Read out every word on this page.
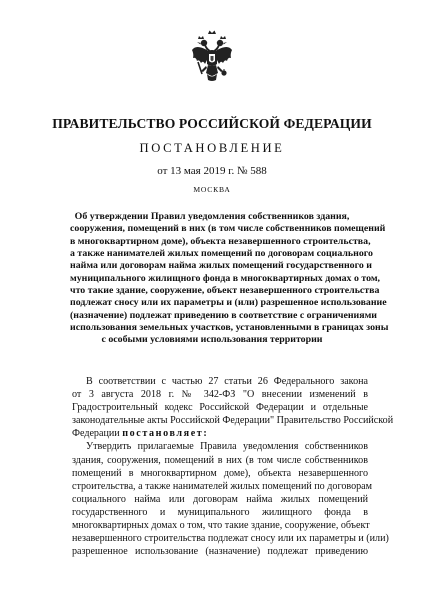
ПРАВИТЕЛЬСТВО РОССИЙСКОЙ ФЕДЕРАЦИИ
ПОСТАНОВЛЕНИЕ
от 13 мая 2019 г. № 588
МОСКВА
Об утверждении Правил уведомления собственников здания,
сооружения, помещений в них (в том числе собственников помещений
в многоквартирном доме), объекта незавершенного строительства,
а также нанимателей жилых помещений по договорам социального
найма или договорам найма жилых помещений государственного и
муниципального жилищного фонда в многоквартирных домах о том,
что такие здание, сооружение, объект незавершенного строительства
подлежат сносу или их параметры и (или) разрешенное использование
(назначение) подлежат приведению в соответствие с ограничениями
использования земельных участков, установленными в границах зоны
с особыми условиями использования территории
В соответствии с частью 27 статьи 26 Федерального закона
от 3 августа 2018 г. № 342-ФЗ "О внесении изменений в
Градостроительный кодекс Российской Федерации и отдельные
законодательные акты Российской Федерации" Правительство Российской
Федерации постановляет:
Утвердить прилагаемые Правила уведомления собственников
здания, сооружения, помещений в них (в том числе собственников
помещений в многоквартирном доме), объекта незавершенного
строительства, а также нанимателей жилых помещений по договорам
социального найма или договорам найма жилых помещений
государственного и муниципального жилищного фонда в
многоквартирных домах о том, что такие здание, сооружение, объект
незавершенного строительства подлежат сносу или их параметры и (или)
разрешенное использование (назначение) подлежат приведению
